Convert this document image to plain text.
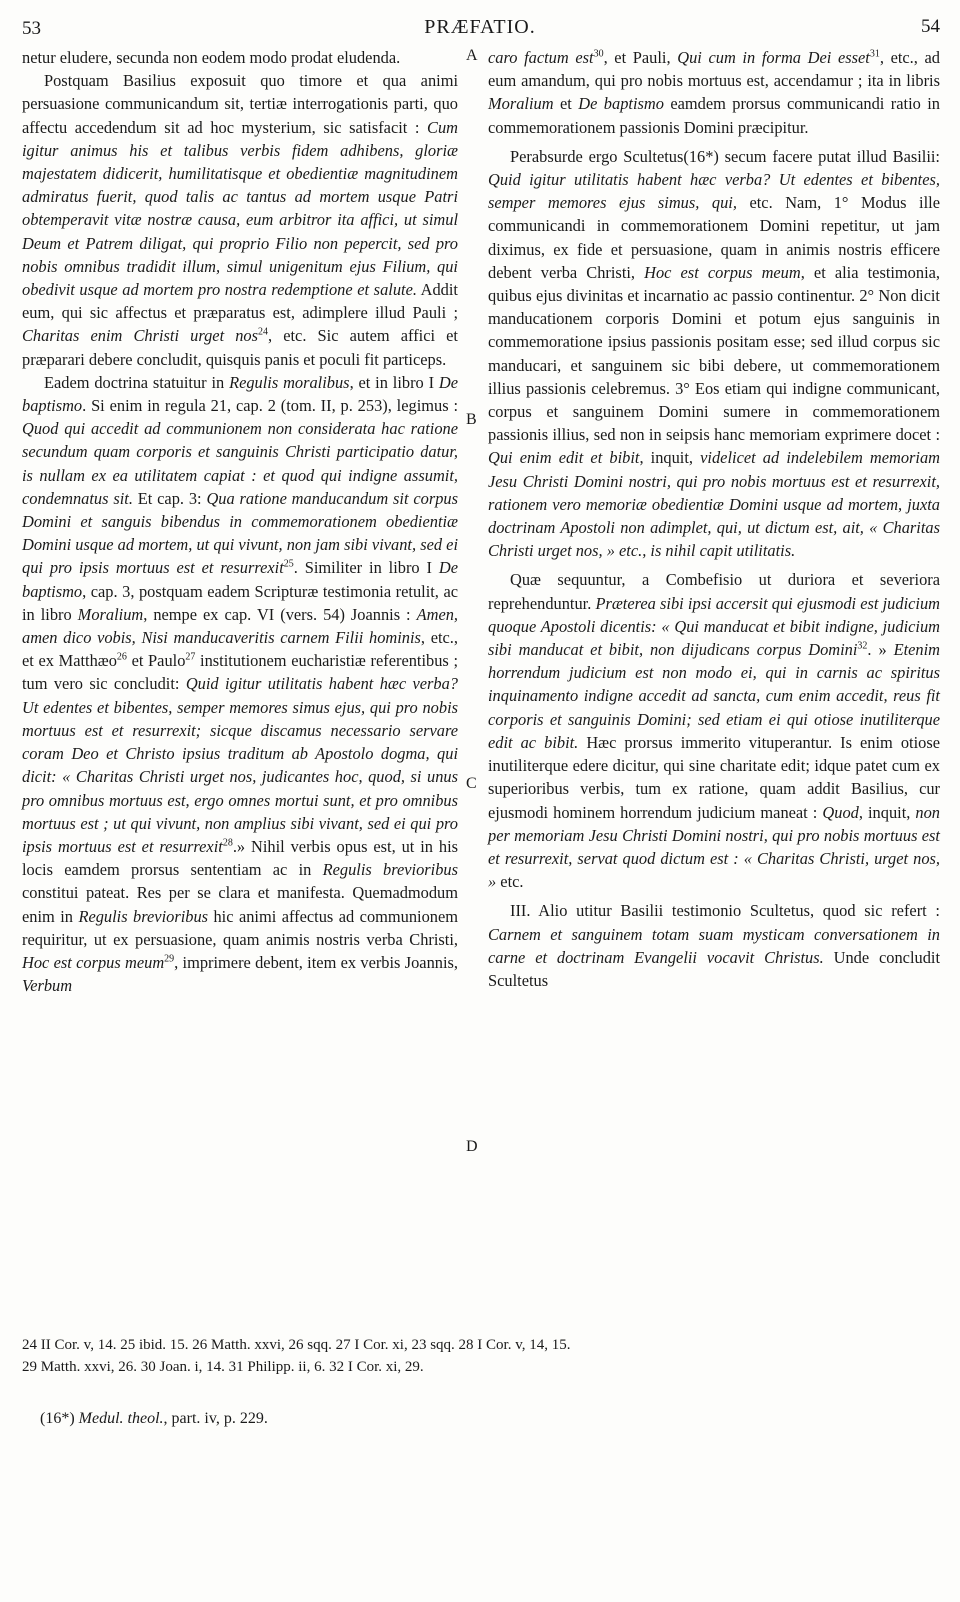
53	PRÆFATIO.	54
A
B
C
D

netur eludere, secunda non eodem modo prodat eludenda.

Postquam Basilius exposuit quo timore et qua animi persuasione communicandum sit, tertiæ interrogationis parti, quo affectu accedendum sit ad hoc mysterium, sic satisfacit : Cum igitur animus his et talibus verbis fidem adhibens, gloriæ majestatem didicerit, humilitatisque et obedientiæ magnitudinem admiratus fuerit, quod talis ac tantus ad mortem usque Patri obtemperavit vitæ nostræ causa, eum arbitror ita affici, ut simul Deum et Patrem diligat, qui proprio Filio non pepercit, sed pro nobis omnibus tradidit illum, simul unigenitum ejus Filium, qui obedivit usque ad mortem pro nostra redemptione et salute. Addit eum, qui sic affectus et præparatus est, adimplere illud Pauli ; Charitas enim Christi urget nos$^{24}$, etc. Sic autem affici et præparari debere concludit, quisquis panis et poculi fit particeps.

Eadem doctrina statuitur in Regulis moralibus, et in libro I De baptismo. Si enim in regula 21, cap. 2 (tom. II, p. 253), legimus : Quod qui accedit ad communionem non considerata hac ratione secundum quam corporis et sanguinis Christi participatio datur, is nullam ex ea utilitatem capiat : et quod qui indigne assumit, condemnatus sit. Et cap. 3: Qua ratione manducandum sit corpus Domini et sanguis bibendus in commemorationem obedientiæ Domini usque ad mortem, ut qui vivunt, non jam sibi vivant, sed ei qui pro ipsis mortuus est et resurrexit$^{25}$. Similiter in libro I De baptismo, cap. 3, postquam eadem Scripturæ testimonia retulit, ac in libro Moralium, nempe ex cap. VI (vers. 54) Joannis : Amen, amen dico vobis, Nisi manducaveritis carnem Filii hominis, etc., et ex Matthæo$^{26}$ et Paulo$^{27}$ institutionem eucharistiæ referentibus ; tum vero sic concludit: Quid igitur utilitatis habent hæc verba? Ut edentes et bibentes, semper memores simus ejus, qui pro nobis mortuus est et resurrexit; sicque discamus necessario servare coram Deo et Christo ipsius traditum ab Apostolo dogma, qui dicit: « Charitas Christi urget nos, judicantes hoc, quod, si unus pro omnibus mortuus est, ergo omnes mortui sunt, et pro omnibus mortuus est ; ut qui vivunt, non amplius sibi vivant, sed ei qui pro ipsis mortuus est et resurrexit$^{28}$.» Nihil verbis opus est, ut in his locis eamdem prorsus sententiam ac in Regulis brevioribus constitui pateat. Res per se clara et manifesta. Quemadmodum enim in Regulis brevioribus hic animi affectus ad communionem requiritur, ut ex persuasione, quam animis nostris verba Christi, Hoc est corpus meum$^{29}$, imprimere debent, item ex verbis Joannis, Verbum

caro factum est$^{30}$, et Pauli, Qui cum in forma Dei esset$^{31}$, etc., ad eum amandum, qui pro nobis mortuus est, accendamur ; ita in libris Moralium et De baptismo eamdem prorsus communicandi ratio in commemorationem passionis Domini præcipitur.

Perabsurde ergo Scultetus(16*) secum facere putat illud Basilii: Quid igitur utilitatis habent hæc verba? Ut edentes et bibentes, semper memores ejus simus, qui, etc. Nam, 1° Modus ille communicandi in commemorationem Domini repetitur, ut jam diximus, ex fide et persuasione, quam in animis nostris efficere debent verba Christi, Hoc est corpus meum, et alia testimonia, quibus ejus divinitas et incarnatio ac passio continentur. 2° Non dicit manducationem corporis Domini et potum ejus sanguinis in commemoratione ipsius passionis positam esse; sed illud corpus sic manducari, et sanguinem sic bibi debere, ut commemorationem illius passionis celebremus. 3° Eos etiam qui indigne communicant, corpus et sanguinem Domini sumere in commemorationem passionis illius, sed non in seipsis hanc memoriam exprimere docet : Qui enim edit et bibit, inquit, videlicet ad indelebilem memoriam Jesu Christi Domini nostri, qui pro nobis mortuus est et resurrexit, rationem vero memoriæ obedientiæ Domini usque ad mortem, juxta doctrinam Apostoli non adimplet, qui, ut dictum est, ait, « Charitas Christi urget nos, » etc., is nihil capit utilitatis.

Quæ sequuntur, a Combefisio ut duriora et severiora reprehenduntur. Præterea sibi ipsi accersit qui ejusmodi est judicium quoque Apostoli dicentis: « Qui manducat et bibit indigne, judicium sibi manducat et bibit, non dijudicans corpus Domini$^{32}$. » Etenim horrendum judicium est non modo ei, qui in carnis ac spiritus inquinamento indigne accedit ad sancta, cum enim accedit, reus fit corporis et sanguinis Domini; sed etiam ei qui otiose inutiliterque edit ac bibit. Hæc prorsus immerito vituperantur. Is enim otiose inutiliterque edere dicitur, qui sine charitate edit; idque patet cum ex superioribus verbis, tum ex ratione, quam addit Basilius, cur ejusmodi hominem horrendum judicium maneat : Quod, inquit, non per memoriam Jesu Christi Domini nostri, qui pro nobis mortuus est et resurrexit, servat quod dictum est : « Charitas Christi, urget nos, » etc.

III. Alio utitur Basilii testimonio Scultetus, quod sic refert : Carnem et sanguinem totam suam mysticam conversationem in carne et doctrinam Evangelii vocavit Christus. Unde concludit Scultetus

24 II Cor. v, 14. 25 ibid. 15. 26 Matth. xxvi, 26 sqq. 27 I Cor. xi, 23 sqq. 28 I Cor. v, 14, 15.
29 Matth. xxvi, 26. 30 Joan. i, 14. 31 Philipp. ii, 6. 32 I Cor. xi, 29.
(16*) Medul. theol., part. iv, p. 229.
